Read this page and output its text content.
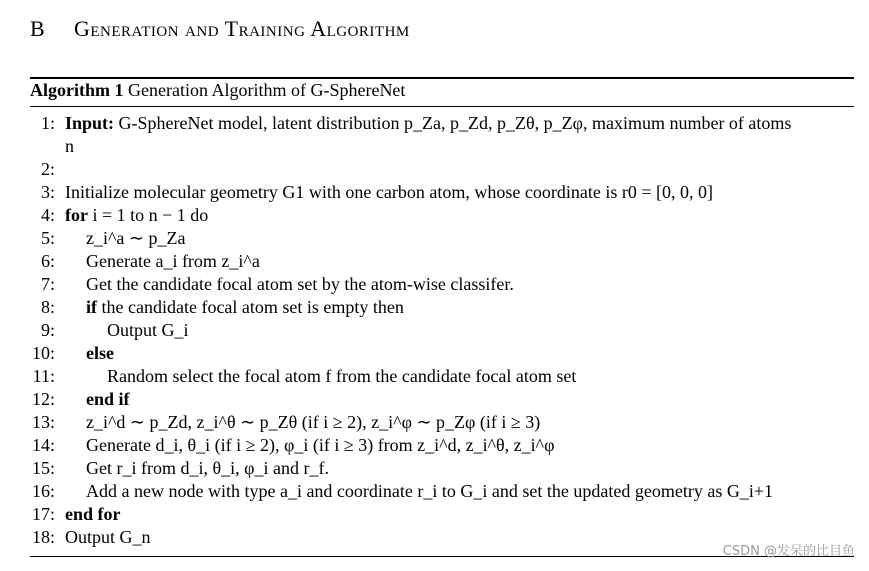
B Generation and Training Algorithm
Algorithm 1 Generation Algorithm of G-SphereNet
1: Input: G-SphereNet model, latent distribution p_Za, p_Zd, p_Zθ, p_Zφ, maximum number of atoms
n
2:
3: Initialize molecular geometry G1 with one carbon atom, whose coordinate is r0 = [0, 0, 0]
4: for i = 1 to n − 1 do
5: z_i^a ∼ p_Za
6: Generate a_i from z_i^a
7: Get the candidate focal atom set by the atom-wise classifer.
8: if the candidate focal atom set is empty then
9:	Output G_i
10: else
11:	Random select the focal atom f from the candidate focal atom set
12: end if
13: z_i^d ∼ p_Zd, z_i^θ ∼ p_Zθ (if i ≥ 2), z_i^φ ∼ p_Zφ (if i ≥ 3)
14: Generate d_i, θ_i (if i ≥ 2), φ_i (if i ≥ 3) from z_i^d, z_i^θ, z_i^φ
15: Get r_i from d_i, θ_i, φ_i and r_f.
16: Add a new node with type a_i and coordinate r_i to G_i and set the updated geometry as G_i+1
17: end for
18: Output G_n
CSDN @发呆的比目鱼
